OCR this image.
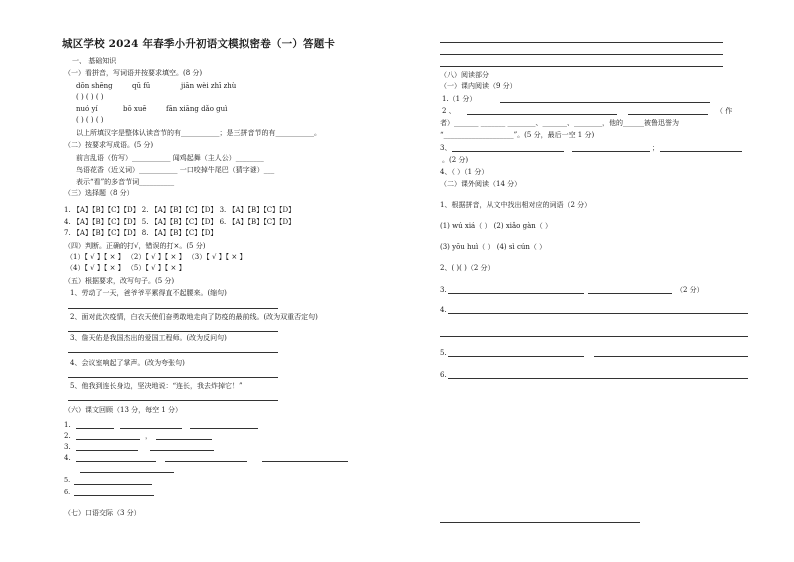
城区学校 2024 年春季小升初语文模拟密卷（一）答题卡
一、 基础知识
（一）看拼音，写词语并按要求填空。(8 分)
dōn shēng	qū fū	jiān wèi zhī zhù
( ) ( ) ( )
nuó yí	bō xuē	fān xiāng dǎo guì
( ) ( ) ( )
以上所填汉字是整体认读音节的有___________；是三拼音节的有___________。
（二）按要求写成语。(5 分)
前言乱语（仿写）___________ 闻鸡起舞（主人公）________
鸟语花香（近义词）___________ 一口咬掉牛尾巴（猜字谜）___
表示“看”的多音节词__________
（三）选择题（8 分）
1. 【A】【B】【C】【D】 2. 【A】【B】【C】【D】 3. 【A】【B】【C】【D】
4. 【A】【B】【C】【D】 5. 【A】【B】【C】【D】 6. 【A】【B】【C】【D】
7. 【A】【B】【C】【D】 8. 【A】【B】【C】【D】
（四）判断。正确的打√，错误的打×。(5 分)
（1）【 √ 】【 × 】 （2）【 √ 】【 × 】 （3）【 √ 】【 × 】
（4）【 √ 】【 × 】 （5）【 √ 】【 × 】
（五）根据要求，改写句子。(5 分)
1、劳动了一天，爸爷爷平累得直不起腰来。(缩句)
2、面对此次疫情，白衣天使们奋勇敢地走向了防疫的最前线。(改为双重否定句)
3、詹天佑是我国杰出的爱国工程师。(改为反问句)
4、会议室响起了掌声。(改为夸张句)
5、他我到连长身边，坚决地说：“连长，我去炸掉它！”
（六）课文回顾（13 分，每空 1 分）
1.
2.	，
3.
4.
5.
6.
（七）口语交际（3 分）
（八）阅读部分
（一）课内阅读（9 分）
1.（1 分）
2 、	（ 作
者）_______ _______ ________、_______、________，他的______被鲁迅誉为
“____________________”。(5 分，最后一空 1 分)
3、	；
。(2 分)
4、（ ）（1 分）
（二）课外阅读（14 分）
1、根据拼音，从文中找出相对应的词语（2 分）
(1) wú xiá（ ） (2) xiǎo gàn（ ）
(3) yōu huì（ ） (4) sì cún（ ）
2、( )( )（2 分）
3.	（2 分）
4.
5.
6.
